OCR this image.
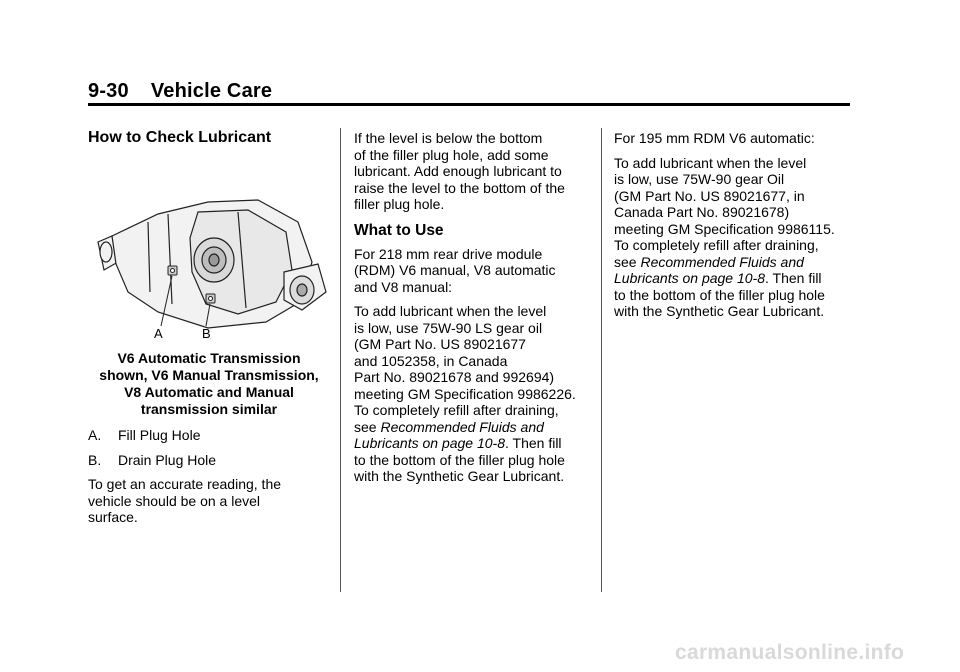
9-30 Vehicle Care
How to Check Lubricant
A	B
V6 Automatic Transmission
shown, V6 Manual Transmission,
V8 Automatic and Manual
transmission similar

A. Fill Plug Hole

B. Drain Plug Hole

To get an accurate reading, the
vehicle should be on a level
surface.

If the level is below the bottom
of the filler plug hole, add some
lubricant. Add enough lubricant to
raise the level to the bottom of the
filler plug hole.

What to Use

For 218 mm rear drive module
(RDM) V6 manual, V8 automatic
and V8 manual:

To add lubricant when the level
is low, use 75W-90 LS gear oil
(GM Part No. US 89021677
and 1052358, in Canada
Part No. 89021678 and 992694)
meeting GM Specification 9986226.
To completely refill after draining,
see Recommended Fluids and
Lubricants on page 10‑8. Then fill
to the bottom of the filler plug hole
with the Synthetic Gear Lubricant.

For 195 mm RDM V6 automatic:

To add lubricant when the level
is low, use 75W-90 gear Oil
(GM Part No. US 89021677, in
Canada Part No. 89021678)
meeting GM Specification 9986115.
To completely refill after draining,
see Recommended Fluids and
Lubricants on page 10‑8. Then fill
to the bottom of the filler plug hole
with the Synthetic Gear Lubricant.

carmanualsonline.info
